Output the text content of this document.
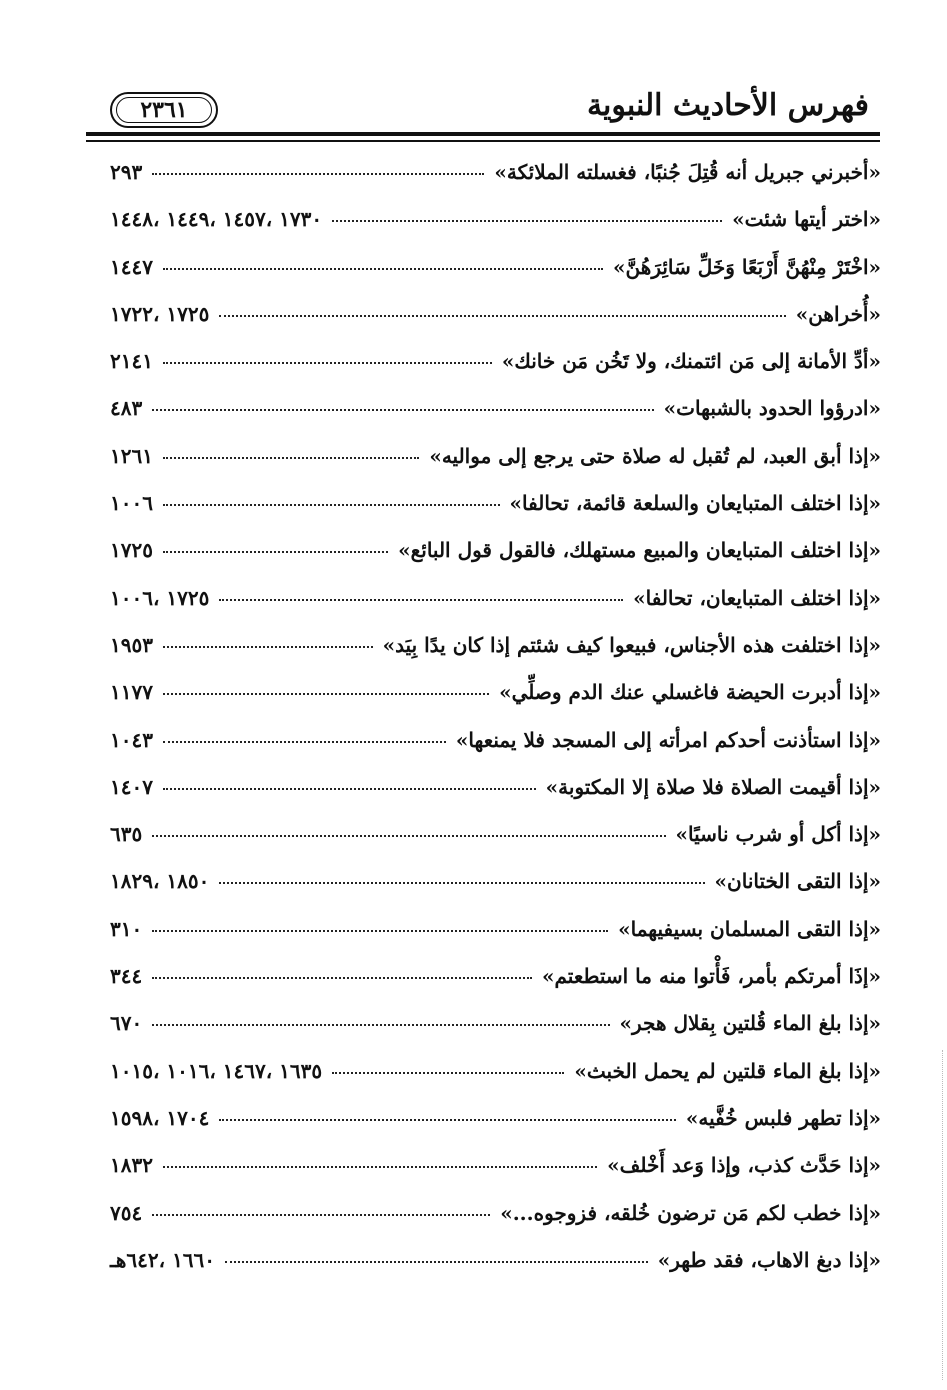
فهرس الأحاديث النبوية
٢٣٦١
«أخبرني جبريل أنه قُتِلَ جُنبًا، فغسلته الملائكة»
٢٩٣
«اختر أيتها شئت»
١٧٣٠ ،١٤٥٧ ،١٤٤٩ ،١٤٤٨
«اخْتَرْ مِنْهُنَّ أَرْبَعًا وَخَلِّ سَائِرَهُنَّ»
١٤٤٧
«أُخراهن»
١٧٢٥ ،١٧٢٢
«أدِّ الأمانة إلى مَن ائتمنك، ولا تَخُن مَن خانك»
٢١٤١
«ادرؤوا الحدود بالشبهات»
٤٨٣
«إذا أبق العبد، لم تُقبل له صلاة حتى يرجع إلى مواليه»
١٢٦١
«إذا اختلف المتبايعان والسلعة قائمة، تحالفا»
١٠٠٦
«إذا اختلف المتبايعان والمبيع مستهلك، فالقول قول البائع»
١٧٢٥
«إذا اختلف المتبايعان، تحالفا»
١٧٢٥ ،١٠٠٦
«إذا اختلفت هذه الأجناس، فبيعوا كيف شئتم إذا كان يدًا بِيَد»
١٩٥٣
«إذا أدبرت الحيضة فاغسلي عنك الدم وصلِّي»
١١٧٧
«إذا استأذنت أحدكم امرأته إلى المسجد فلا يمنعها»
١٠٤٣
«إذا أقيمت الصلاة فلا صلاة إلا المكتوبة»
١٤٠٧
«إذا أكل أو شرب ناسيًا»
٦٣٥
«إذا التقى الختانان»
١٨٥٠ ،١٨٢٩
«إذا التقى المسلمان بسيفيهما»
٣١٠
«إذَا أمرتكم بأمر، فَأْتوا منه ما استطعتم»
٣٤٤
«إذا بلغ الماء قُلتين بِقلال هجر»
٦٧٠
«إذا بلغ الماء قلتين لم يحمل الخبث»
١٦٣٥ ،١٤٦٧ ،١٠١٦ ،١٠١٥
«إذا تطهر فلبس خُفَّيه»
١٧٠٤ ،١٥٩٨
«إذا حَدَّث كذب، وإذا وَعد أَخْلف»
١٨٣٢
«إذا خطب لكم مَن ترضون خُلقه، فزوجوه...»
٧٥٤
«إذا دبغ الاهاب، فقد طهر»
١٦٦٠ ،٦٤٢هـ
